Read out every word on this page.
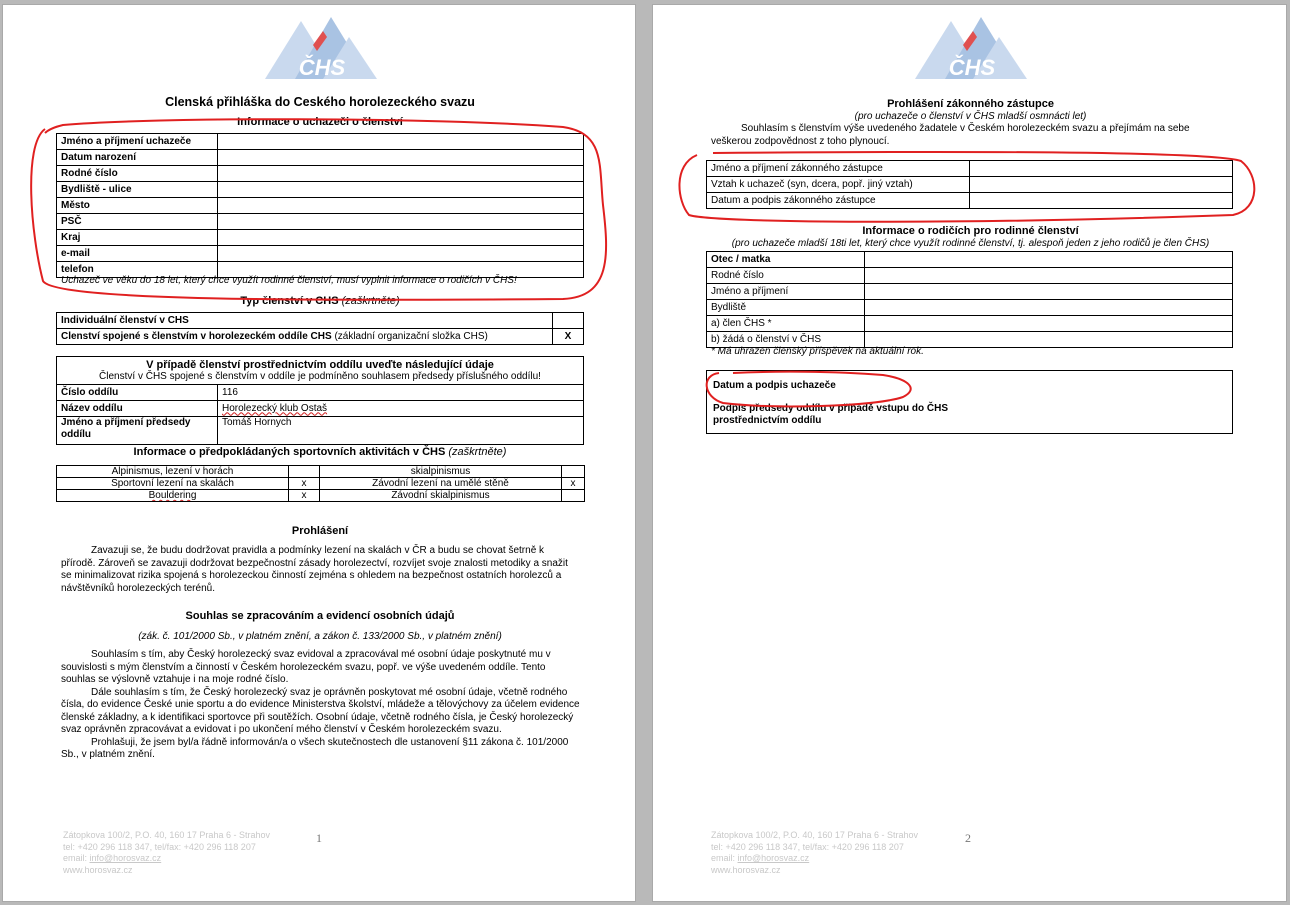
ČHS
Clenská přihláška do Ceského horolezeckého svazu
Informace o uchazeči o členství
Jméno a příjmení uchazeče	
Datum narození	
Rodné číslo	
Bydliště - ulice	
Město	
PSČ	
Kraj	
e-mail	
telefon	
Uchazeč ve věku do 18 let, který chce využít rodinné členství, musí vyplnit informace o rodičích v ČHS!
Typ členství v CHS (zaškrtněte)
Individuální členství v CHS	
Clenství spojené s členstvím v horolezeckém oddíle CHS (základní organizační složka CHS)	X
V případě členství prostřednictvím oddílu uveďte následující údaje
Členství v ČHS spojené s členstvím v oddíle je podmíněno souhlasem předsedy příslušného oddílu!	

Číslo oddílu	116
Název oddílu	Horolezecký klub Ostaš
Jméno a příjmení předsedy oddílu	Tomáš Hornych
Informace o předpokládaných sportovních aktivitách v ČHS (zaškrtněte)
Alpinismus, lezení v horách		skialpinismus	
Sportovní lezení na skalách	x	Závodní lezení na umělé stěně	x
Bouldering	x	Závodní skialpinismus	
Prohlášení

Zavazuji se, že budu dodržovat pravidla a podmínky lezení na skalách v ČR a budu se chovat šetrně k přírodě. Zároveň se zavazuji dodržovat bezpečnostní zásady horolezectví, rozvíjet svoje znalosti metodiky a snažit se minimalizovat rizika spojená s horolezeckou činností zejména s ohledem na bezpečnost ostatních horolezců a návštěvníků horolezeckých terénů.

Souhlas se zpracováním a evidencí osobních údajů
(zák. č. 101/2000 Sb., v platném znění, a zákon č. 133/2000 Sb., v platném znění)

Souhlasím s tím, aby Český horolezecký svaz evidoval a zpracovával mé osobní údaje poskytnuté mu v souvislosti s mým členstvím a činností v Českém horolezeckém svazu, popř. ve výše uvedeném oddíle. Tento souhlas se výslovně vztahuje i na moje rodné číslo.

Dále souhlasím s tím, že Český horolezecký svaz je oprávněn poskytovat mé osobní údaje, včetně rodného čísla, do evidence České unie sportu a do evidence Ministerstva školství, mládeže a tělovýchovy za účelem evidence členské základny, a k identifikaci sportovce při soutěžích. Osobní údaje, včetně rodného čísla, je Český horolezecký svaz oprávněn zpracovávat a evidovat i po ukončení mého členství v Českém horolezeckém svazu.

Prohlašuji, že jsem byl/a řádně informován/a o všech skutečnostech dle ustanovení §11 zákona č. 101/2000 Sb., v platném znění.

Zátopkova 100/2, P.O. 40, 160 17 Praha 6 - Strahov
tel: +420 296 118 347, tel/fax: +420 296 118 207
email: info@horosvaz.cz
www.horosvaz.cz
1
ČHS
Prohlášení zákonného zástupce
(pro uchazeče o členství v ČHS mladší osmnácti let)

Souhlasím s členstvím výše uvedeného žadatele v Českém horolezeckém svazu a přejímám na sebe veškerou zodpovědnost z toho plynoucí.

Jméno a příjmení zákonného zástupce	
Vztah k uchazeč (syn, dcera, popř. jiný vztah)	
Datum a podpis zákonného zástupce	
Informace o rodičích pro rodinné členství
(pro uchazeče mladší 18ti let, který chce využít rodinné členství, tj. alespoň jeden z jeho rodičů je člen ČHS)
Otec / matka	
Rodné číslo	
Jméno a příjmení	
Bydliště	
a) člen ČHS *	
b) žádá o členství v ČHS	
* Má uhrazen členský příspěvek na aktuální rok.
Datum a podpis uchazeče
Podpis předsedy oddílu v případě vstupu do ČHS prostřednictvím oddílu
Zátopkova 100/2, P.O. 40, 160 17 Praha 6 - Strahov
tel: +420 296 118 347, tel/fax: +420 296 118 207
email: info@horosvaz.cz
www.horosvaz.cz
2
